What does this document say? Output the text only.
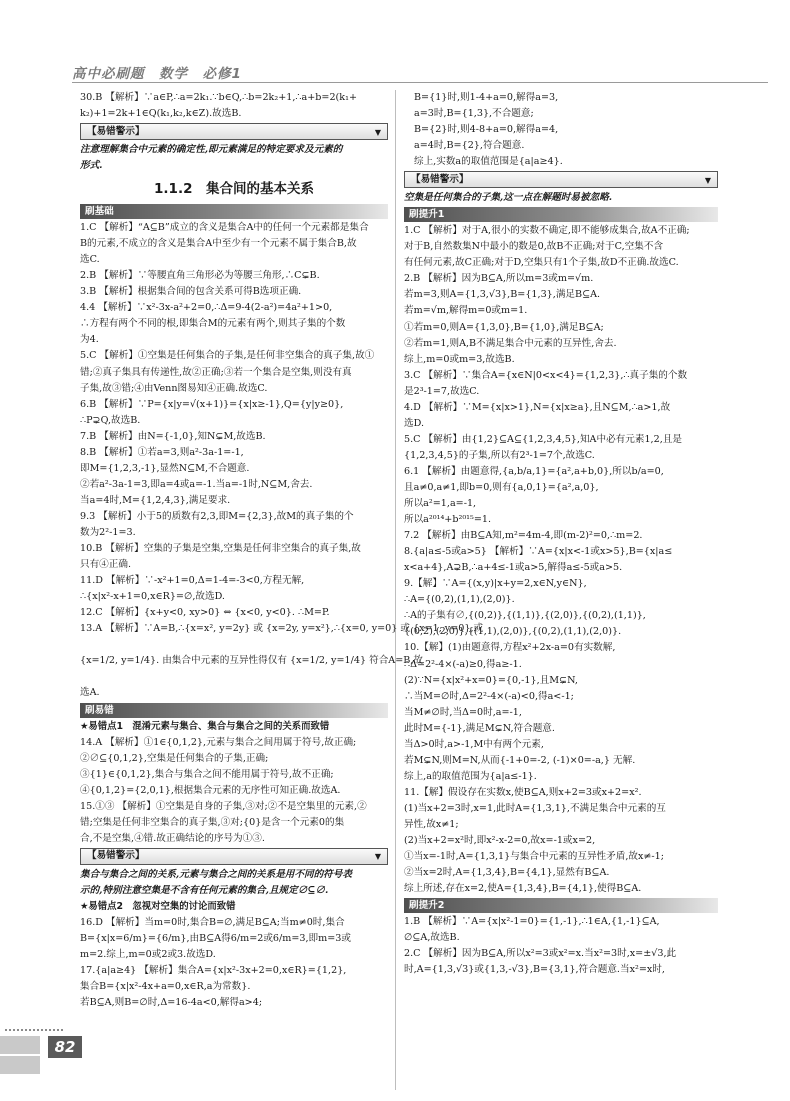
高中必刷题　数学　必修1
30.B 【解析】∵a∈P,∴a=2k₁.∵b∈Q,∴b=2k₂+1,∴a+b=2(k₁+
k₂)+1=2k+1∈Q(k₁,k₂,k∈Z).故选B.
【易错警示】	▼
注意理解集合中元素的确定性,即元素满足的特定要求及元素的
形式.
1.1.2　集合间的基本关系
刷基础
1.C 【解析】“A⊆B”成立的含义是集合A中的任何一个元素都是集合
B的元素,不成立的含义是集合A中至少有一个元素不属于集合B,故
选C.
2.B 【解析】∵等腰直角三角形必为等腰三角形,∴C⊊B.
3.B 【解析】根据集合间的包含关系可得B选项正确.
4.4 【解析】∵x²-3x-a²+2=0,∴Δ=9-4(2-a²)=4a²+1>0,
∴方程有两个不同的根,即集合M的元素有两个,则其子集的个数
为4.
5.C 【解析】①空集是任何集合的子集,是任何非空集合的真子集,故①
错;②真子集具有传递性,故②正确;③若一个集合是空集,则没有真
子集,故③错;④由Venn图易知④正确.故选C.
6.B 【解析】∵P={x|y=√(x+1)}={x|x≥-1},Q={y|y≥0},
∴P⊋Q,故选B.
7.B 【解析】由N={-1,0},知N⊊M,故选B.
8.B 【解析】①若a=3,则a²-3a-1=-1,
即M={1,2,3,-1},显然N⊆M,不合题意.
②若a²-3a-1=3,即a=4或a=-1.当a=-1时,N⊆M,舍去.
当a=4时,M={1,2,4,3},满足要求.
9.3 【解析】小于5的质数有2,3,即M={2,3},故M的真子集的个
数为2²-1=3.
10.B 【解析】空集的子集是空集,空集是任何非空集合的真子集,故
只有④正确.
11.D 【解析】∵-x²+1=0,Δ=1-4=-3<0,方程无解,
∴{x|x²-x+1=0,x∈R}=∅,故选D.
12.C 【解析】{x+y<0, xy>0} ⇔ {x<0, y<0}. ∴M=P.
13.A 【解析】∵A=B,∴{x=x², y=2y} 或 {x=2y, y=x²},∴{x=0, y=0} 或 {x=1, y=0},或

{x=1/2, y=1/4}. 由集合中元素的互异性得仅有 {x=1/2, y=1/4} 符合A=B,故

选A.
刷易错
★易错点1　混淆元素与集合、集合与集合之间的关系而致错
14.A 【解析】①1∈{0,1,2},元素与集合之间用属于符号,故正确;
②∅⊆{0,1,2},空集是任何集合的子集,正确;
③{1}∈{0,1,2},集合与集合之间不能用属于符号,故不正确;
④{0,1,2}={2,0,1},根据集合元素的无序性可知正确.故选A.
15.①③ 【解析】①空集是自身的子集,③对;②不是空集里的元素,②
错;空集是任何非空集合的真子集,③对;{0}是含一个元素0的集
合,不是空集,④错.故正确结论的序号为①③.
【易错警示】	▼
集合与集合之间的关系,元素与集合之间的关系是用不同的符号表
示的,特别注意空集是不含有任何元素的集合,且规定∅⊆∅.
★易错点2　忽视对空集的讨论而致错
16.D 【解析】当m=0时,集合B=∅,满足B⊆A;当m≠0时,集合
B={x|x=6/m}={6/m},由B⊆A得6/m=2或6/m=3,即m=3或
m=2.综上,m=0或2或3.故选D.
17.{a|a≥4} 【解析】集合A={x|x²-3x+2=0,x∈R}={1,2},
集合B={x|x²-4x+a=0,x∈R,a为常数}.
若B⊆A,则B=∅时,Δ=16-4a<0,解得a>4;
B={1}时,则1-4+a=0,解得a=3,
a=3时,B={1,3},不合题意;
B={2}时,则4-8+a=0,解得a=4,
a=4时,B={2},符合题意.
综上,实数a的取值范围是{a|a≥4}.
【易错警示】	▼
空集是任何集合的子集,这一点在解题时易被忽略.
刷提升1
1.C 【解析】对于A,很小的实数不确定,即不能够成集合,故A不正确;
对于B,自然数集N中最小的数是0,故B不正确;对于C,空集不含
有任何元素,故C正确;对于D,空集只有1个子集,故D不正确.故选C.
2.B 【解析】因为B⊆A,所以m=3或m=√m.
若m=3,则A={1,3,√3},B={1,3},满足B⊆A.
若m=√m,解得m=0或m=1.
①若m=0,则A={1,3,0},B={1,0},满足B⊆A;
②若m=1,则A,B不满足集合中元素的互异性,舍去.
综上,m=0或m=3,故选B.
3.C 【解析】∵集合A={x∈N|0<x<4}={1,2,3},∴真子集的个数
是2³-1=7,故选C.
4.D 【解析】∵M={x|x>1},N={x|x≥a},且N⊆M,∴a>1,故
选D.
5.C 【解析】由{1,2}⊆A⊆{1,2,3,4,5},知A中必有元素1,2,且是
{1,2,3,4,5}的子集,所以有2³-1=7个,故选C.
6.1 【解析】由题意得,{a,b/a,1}={a²,a+b,0},所以b/a=0,
且a≠0,a≠1,即b=0,则有{a,0,1}={a²,a,0},
所以a²=1,a=-1,
所以a²⁰¹⁴+b²⁰¹⁵=1.
7.2 【解析】由B⊆A知,m²=4m-4,即(m-2)²=0,∴m=2.
8.{a|a≤-5或a>5} 【解析】∵A={x|x<-1或x>5},B={x|a≤
x<a+4},A⊋B,∴a+4≤-1或a>5,解得a≤-5或a>5.
9.【解】∵A={(x,y)|x+y=2,x∈N,y∈N},
∴A={(0,2),(1,1),(2,0)}.
∴A的子集有∅,{(0,2)},{(1,1)},{(2,0)},{(0,2),(1,1)},
{(0,2),(2,0)},{(1,1),(2,0)},{(0,2),(1,1),(2,0)}.
10.【解】(1)由题意得,方程x²+2x-a=0有实数解,
∴Δ=2²-4×(-a)≥0,得a≥-1.
(2)∵N={x|x²+x=0}={0,-1},且M⊊N,
∴当M=∅时,Δ=2²-4×(-a)<0,得a<-1;
当M≠∅时,当Δ=0时,a=-1,
此时M={-1},满足M⊊N,符合题意.
当Δ>0时,a>-1,M中有两个元素,
若M⊊N,则M=N,从而{-1+0=-2, (-1)×0=-a,} 无解.
综上,a的取值范围为{a|a≤-1}.
11.【解】假设存在实数x,使B⊆A,则x+2=3或x+2=x².
(1)当x+2=3时,x=1,此时A={1,3,1},不满足集合中元素的互
异性,故x≠1;
(2)当x+2=x²时,即x²-x-2=0,故x=-1或x=2,
①当x=-1时,A={1,3,1}与集合中元素的互异性矛盾,故x≠-1;
②当x=2时,A={1,3,4},B={4,1},显然有B⊆A.
综上所述,存在x=2,使A={1,3,4},B={4,1},使得B⊆A.
刷提升2
1.B 【解析】∵A={x|x²-1=0}={1,-1},∴1∈A,{1,-1}⊆A,
∅⊆A,故选B.
2.C 【解析】因为B⊆A,所以x²=3或x²=x.当x²=3时,x=±√3,此
时,A={1,3,√3}或{1,3,-√3},B={3,1},符合题意.当x²=x时,
82
